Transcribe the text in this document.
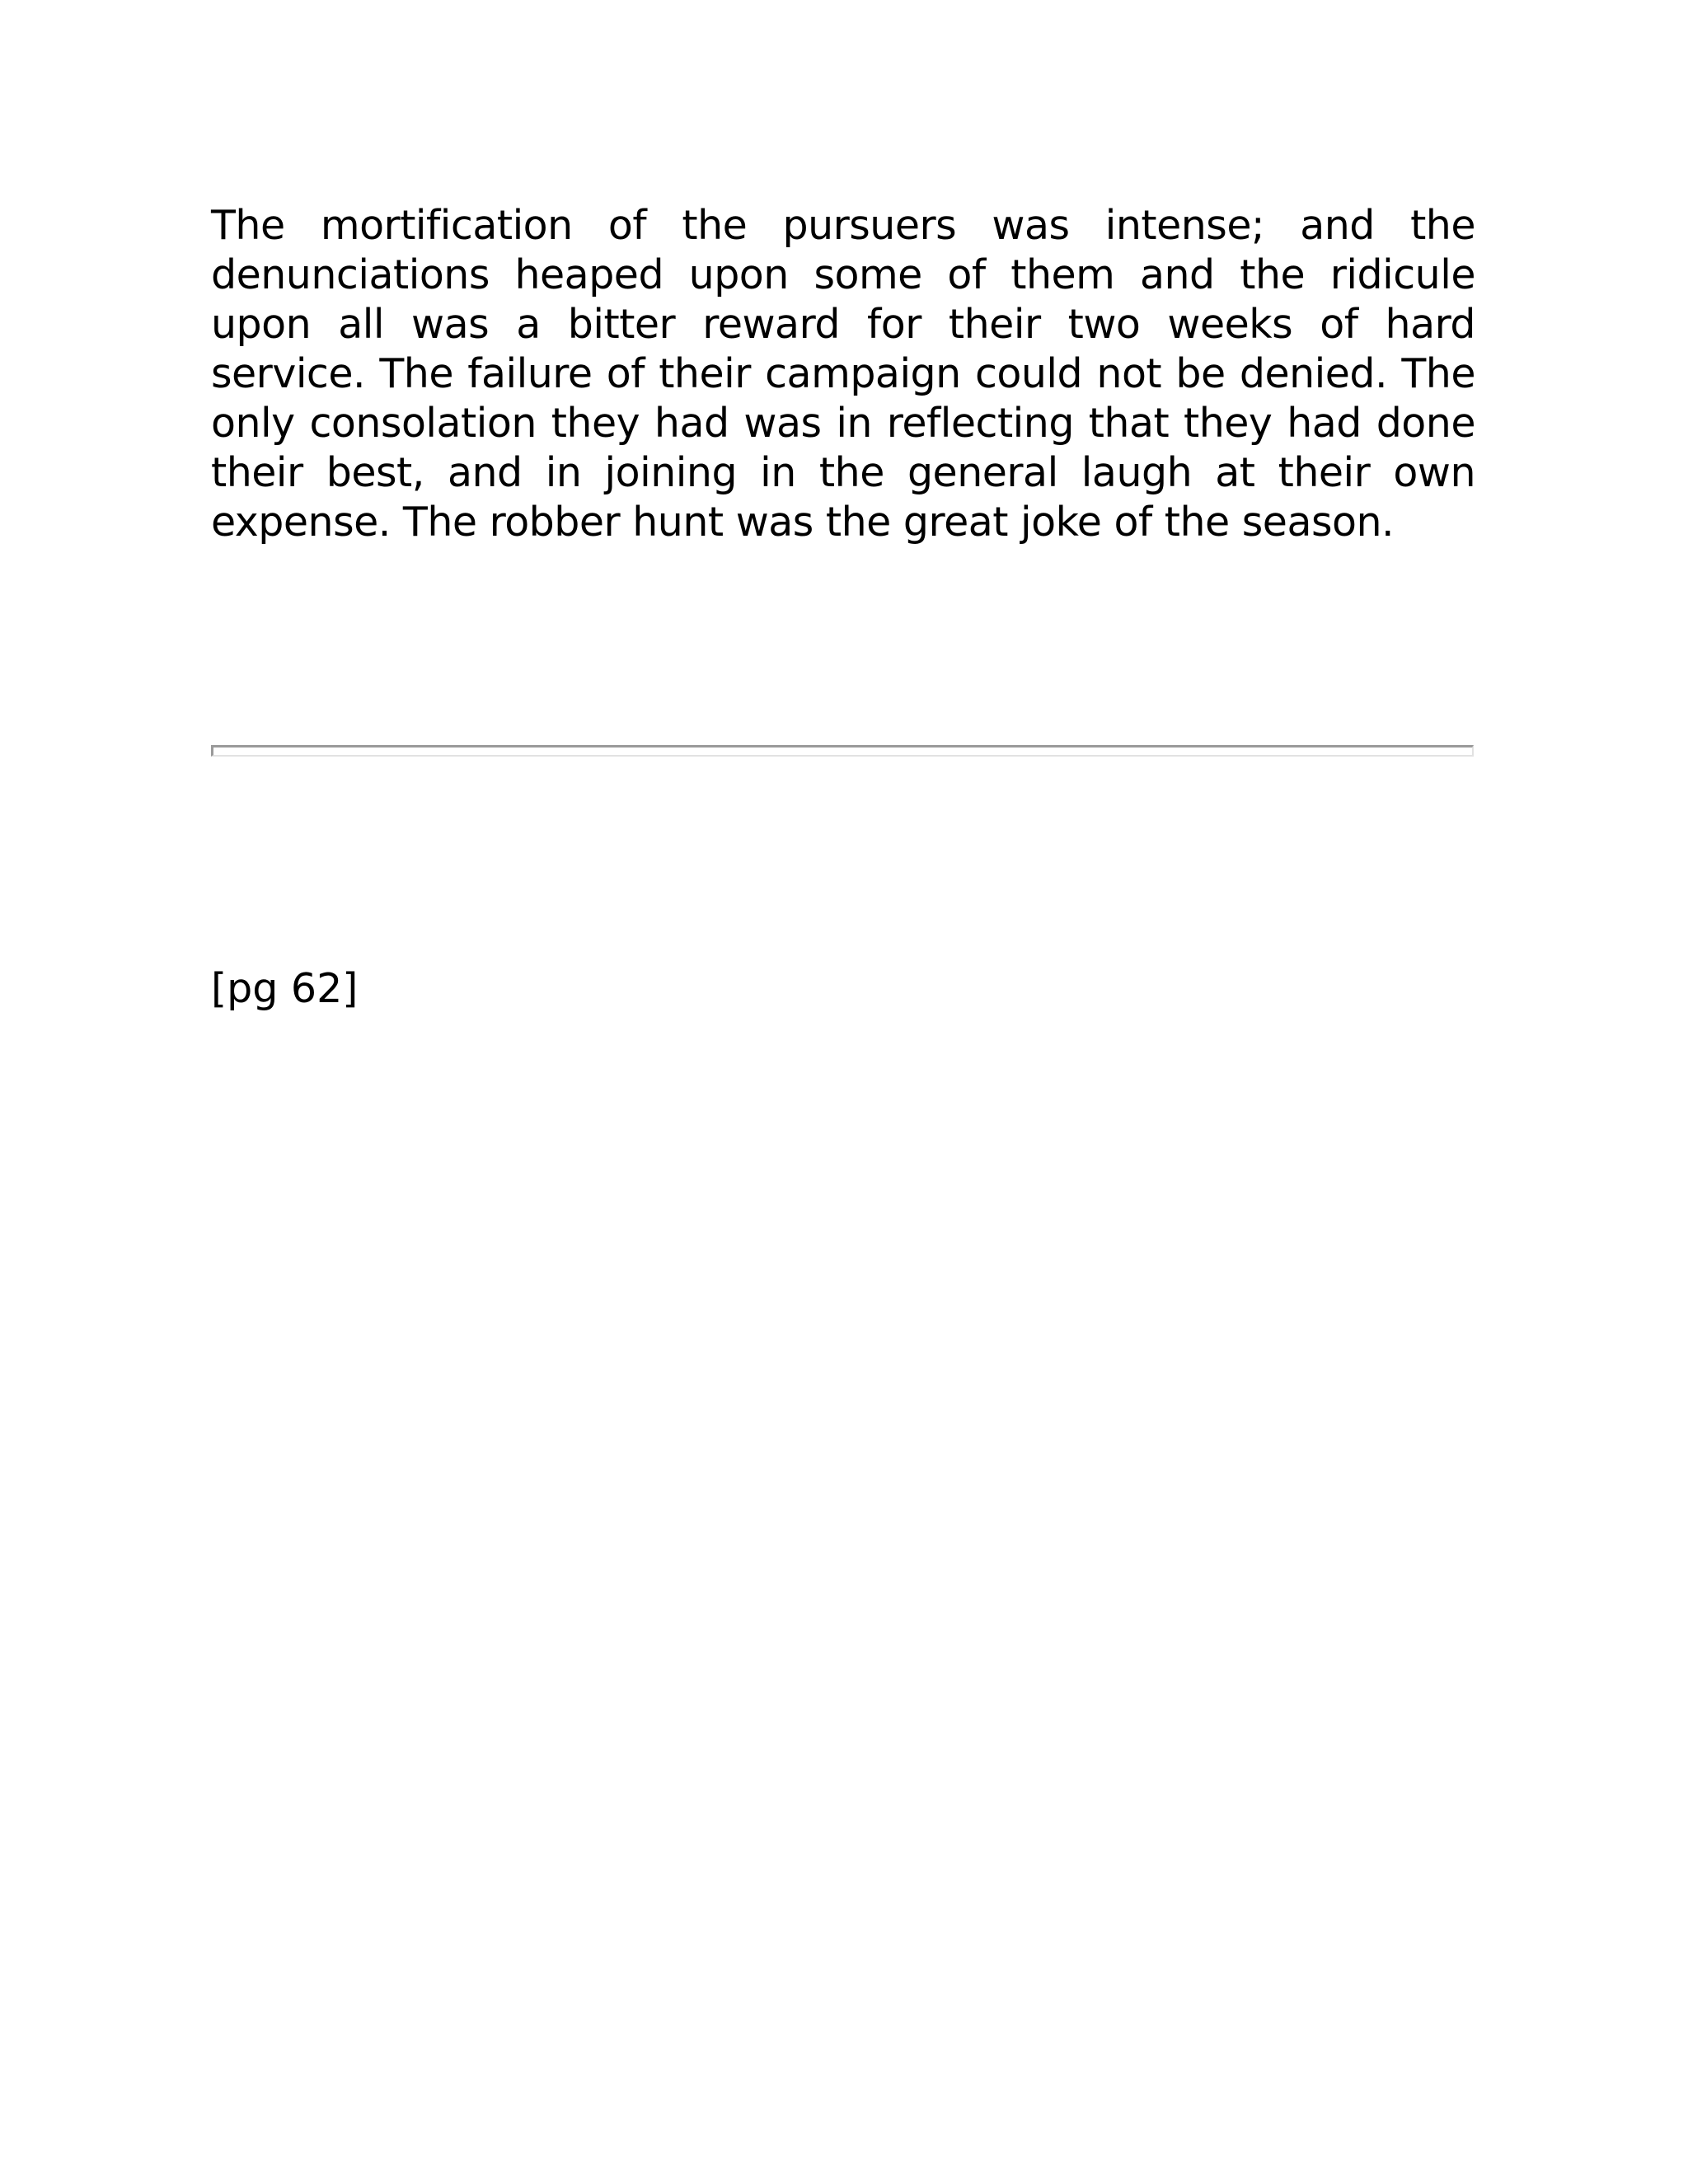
The mortification of the pursuers was intense; and the denunciations heaped upon some of them and the ridicule upon all was a bitter reward for their two weeks of hard service. The failure of their campaign could not be denied. The only consolation they had was in reflecting that they had done their best, and in joining in the general laugh at their own expense. The robber hunt was the great joke of the season.

[pg 62]
